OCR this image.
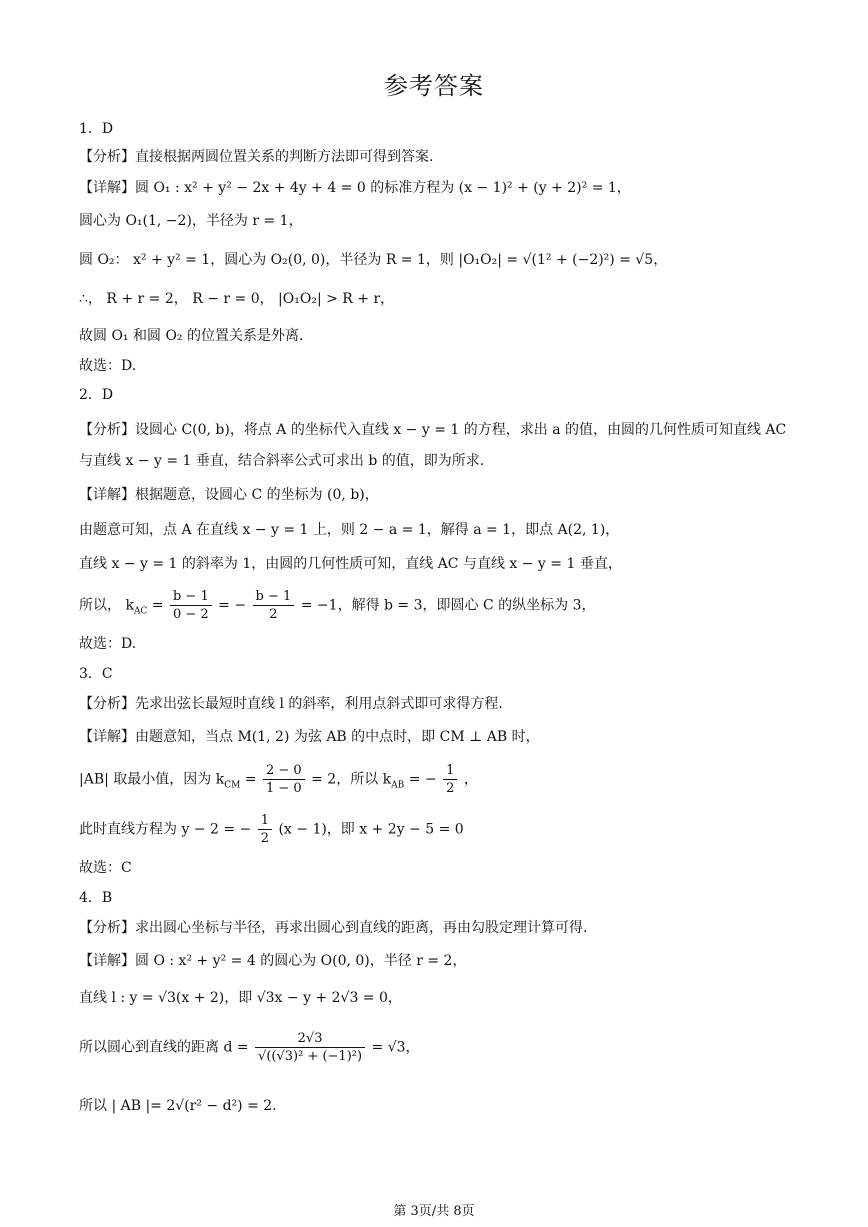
参考答案
1．D
【分析】直接根据两圆位置关系的判断方法即可得到答案.
【详解】圆 O₁ : x² + y² − 2x + 4y + 4 = 0 的标准方程为 (x − 1)² + (y + 2)² = 1，
圆心为 O₁(1, −2)，半径为 r = 1，
圆 O₂： x² + y² = 1，圆心为 O₂(0, 0)，半径为 R = 1，则 |O₁O₂| = √(1² + (−2)²) = √5，
∴， R + r = 2， R − r = 0， |O₁O₂| > R + r，
故圆 O₁ 和圆 O₂ 的位置关系是外离.
故选：D.
2．D
【分析】设圆心 C(0, b)，将点 A 的坐标代入直线 x − y = 1 的方程，求出 a 的值，由圆的几何性质可知直线 AC
与直线 x − y = 1 垂直，结合斜率公式可求出 b 的值，即为所求.
【详解】根据题意，设圆心 C 的坐标为 (0, b)，
由题意可知，点 A 在直线 x − y = 1 上，则 2 − a = 1，解得 a = 1，即点 A(2, 1)，
直线 x − y = 1 的斜率为 1，由圆的几何性质可知，直线 AC 与直线 x − y = 1 垂直，
所以， $k_{AC} = \frac{b - 1}{0 - 2}$ = − $\frac{b - 1}{2} = -1$，解得 b = 3，即圆心 C 的纵坐标为 3，
故选：D.
3．C
【分析】先求出弦长最短时直线 l 的斜率，利用点斜式即可求得方程.
【详解】由题意知，当点 M(1, 2) 为弦 AB 的中点时，即 CM ⊥ AB 时，
|AB| 取最小值，因为 $k_{CM} = \frac{2 - 0}{1 - 0} = 2$，所以 $k_{AB}$ = − $\frac{1}{2}$ ，
此时直线方程为 y − 2 = − $\frac{1}{2} (x - 1)$，即 x + 2y − 5 = 0
故选：C
4．B
【分析】求出圆心坐标与半径，再求出圆心到直线的距离，再由勾股定理计算可得.
【详解】圆 O : x² + y² = 4 的圆心为 O(0, 0)，半径 r = 2，
直线 l : y = √3(x + 2)，即 √3x − y + 2√3 = 0，
所以圆心到直线的距离 $d = \frac{2√3}{\text{√((√3)² + (−1)²)}} = √3$，
所以 | AB |= 2√(r² − d²) = 2.
第 3页/共 8页
